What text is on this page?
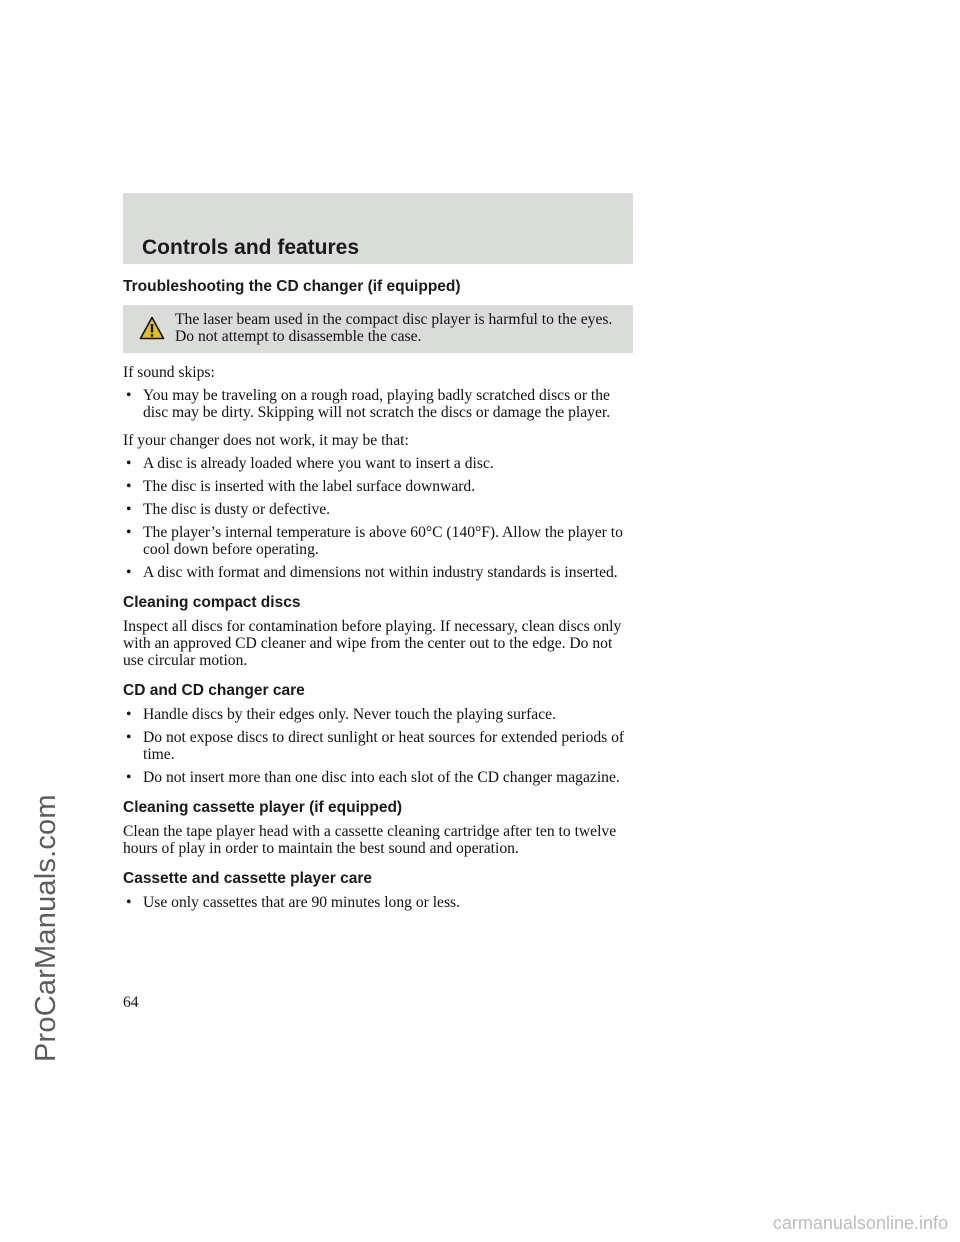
Controls and features
Troubleshooting the CD changer (if equipped)
The laser beam used in the compact disc player is harmful to the eyes. Do not attempt to disassemble the case.

If sound skips:

• You may be traveling on a rough road, playing badly scratched discs or the disc may be dirty. Skipping will not scratch the discs or damage the player.

If your changer does not work, it may be that:

• A disc is already loaded where you want to insert a disc.
• The disc is inserted with the label surface downward.
• The disc is dusty or defective.
• The player’s internal temperature is above 60°C (140°F). Allow the player to cool down before operating.
• A disc with format and dimensions not within industry standards is inserted.
Cleaning compact discs

Inspect all discs for contamination before playing. If necessary, clean discs only with an approved CD cleaner and wipe from the center out to the edge. Do not use circular motion.

CD and CD changer care
• Handle discs by their edges only. Never touch the playing surface.
• Do not expose discs to direct sunlight or heat sources for extended periods of time.
• Do not insert more than one disc into each slot of the CD changer magazine.
Cleaning cassette player (if equipped)

Clean the tape player head with a cassette cleaning cartridge after ten to twelve hours of play in order to maintain the best sound and operation.

Cassette and cassette player care
• Use only cassettes that are 90 minutes long or less.
64
ProCarManuals.com
carmanualsonline.info
